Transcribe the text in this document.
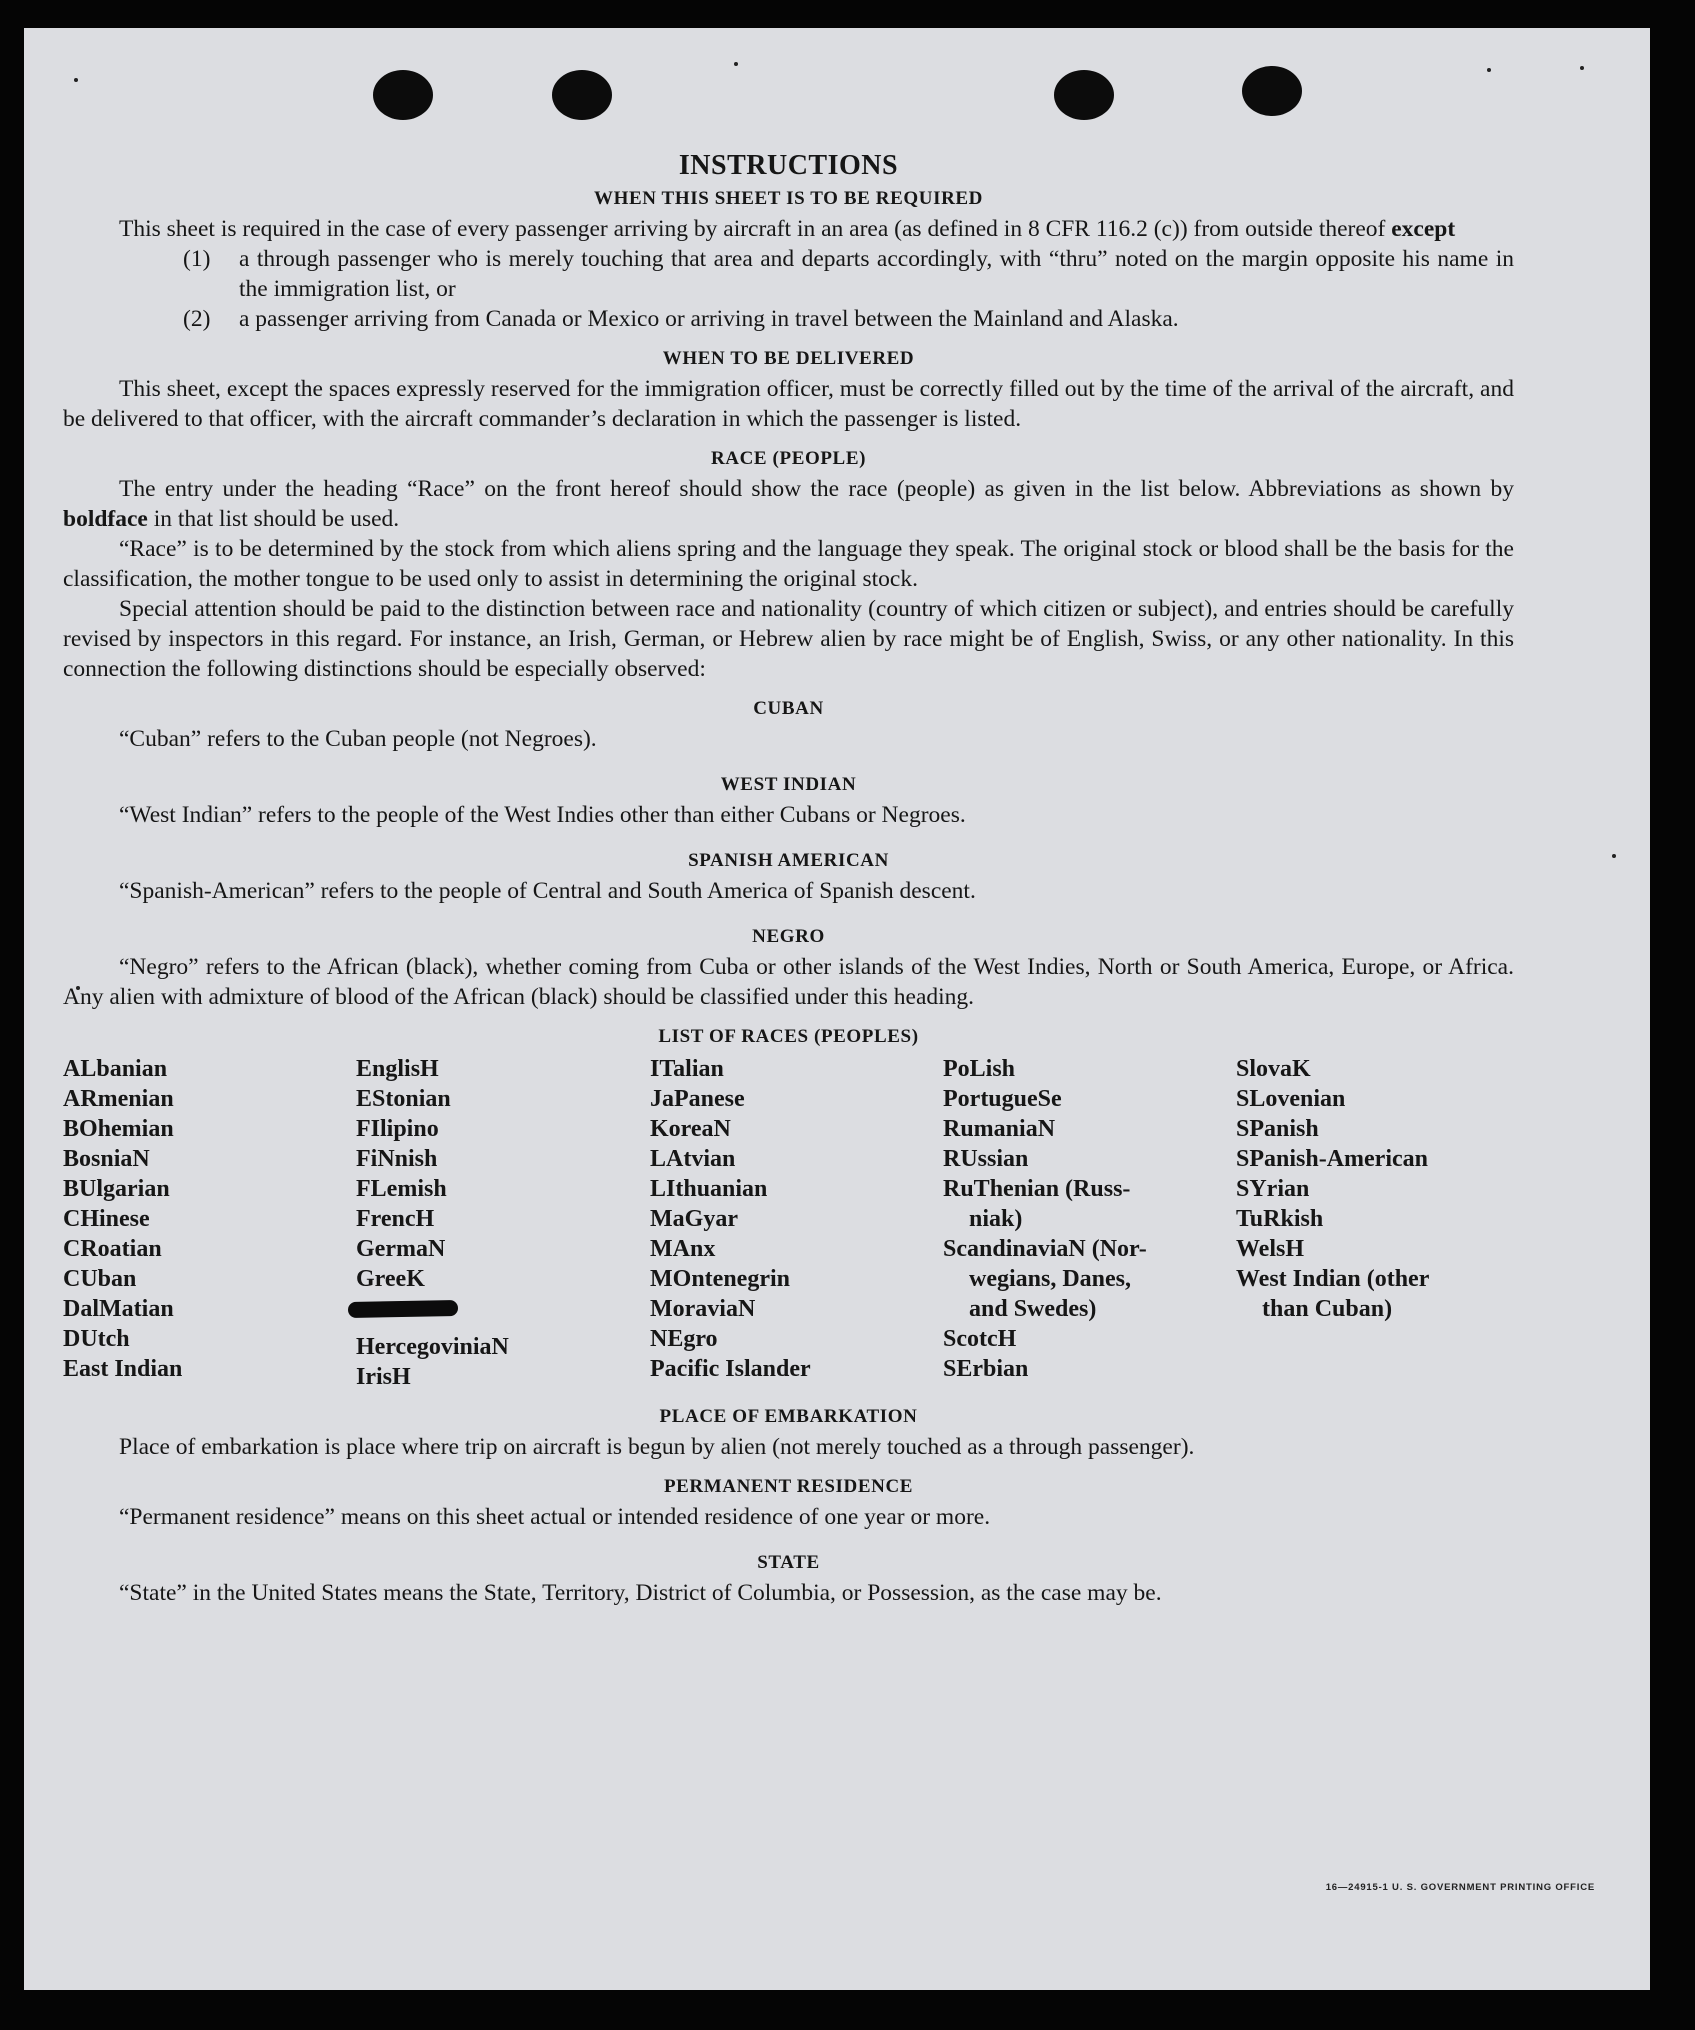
INSTRUCTIONS
WHEN THIS SHEET IS TO BE REQUIRED

This sheet is required in the case of every passenger arriving by aircraft in an area (as defined in 8 CFR 116.2 (c)) from outside thereof except

(1)	a through passenger who is merely touching that area and departs accordingly, with “thru” noted on the margin opposite his name in the immigration list, or
(2)	a passenger arriving from Canada or Mexico or arriving in travel between the Mainland and Alaska.
WHEN TO BE DELIVERED

This sheet, except the spaces expressly reserved for the immigration officer, must be correctly filled out by the time of the arrival of the aircraft, and be delivered to that officer, with the aircraft commander’s declaration in which the passenger is listed.

RACE (PEOPLE)

The entry under the heading “Race” on the front hereof should show the race (people) as given in the list below. Abbreviations as shown by boldface in that list should be used.

“Race” is to be determined by the stock from which aliens spring and the language they speak. The original stock or blood shall be the basis for the classification, the mother tongue to be used only to assist in determining the original stock.

Special attention should be paid to the distinction between race and nationality (country of which citizen or subject), and entries should be carefully revised by inspectors in this regard. For instance, an Irish, German, or Hebrew alien by race might be of English, Swiss, or any other nationality. In this connection the following distinctions should be especially observed:

CUBAN

“Cuban” refers to the Cuban people (not Negroes).

WEST INDIAN

“West Indian” refers to the people of the West Indies other than either Cubans or Negroes.

SPANISH AMERICAN

“Spanish-American” refers to the people of Central and South America of Spanish descent.

NEGRO

“Negro” refers to the African (black), whether coming from Cuba or other islands of the West Indies, North or South America, Europe, or Africa. Any alien with admixture of blood of the African (black) should be classified under this heading.

LIST OF RACES (PEOPLES)
ALbanian
ARmenian
BOhemian
BosniaN
BUlgarian
CHinese
CRoatian
CUban
DalMatian
DUtch
East Indian
EnglisH
EStonian
FIlipino
FiNnish
FLemish
FrencH
GermaN
GreeK
HercegoviniaN
IrisH
ITalian
JaPanese
KoreaN
LAtvian
LIthuanian
MaGyar
MAnx
MOntenegrin
MoraviaN
NEgro
Pacific Islander
PoLish
PortugueSe
RumaniaN
RUssian
RuThenian (Russ-
niak)
ScandinaviaN (Nor-
wegians, Danes,
and Swedes)
ScotcH
SErbian
SlovaK
SLovenian
SPanish
SPanish-American
SYrian
TuRkish
WelsH
West Indian (other
than Cuban)
PLACE OF EMBARKATION

Place of embarkation is place where trip on aircraft is begun by alien (not merely touched as a through passenger).

PERMANENT RESIDENCE

“Permanent residence” means on this sheet actual or intended residence of one year or more.

STATE

“State” in the United States means the State, Territory, District of Columbia, or Possession, as the case may be.

16—24915-1 U. S. GOVERNMENT PRINTING OFFICE
